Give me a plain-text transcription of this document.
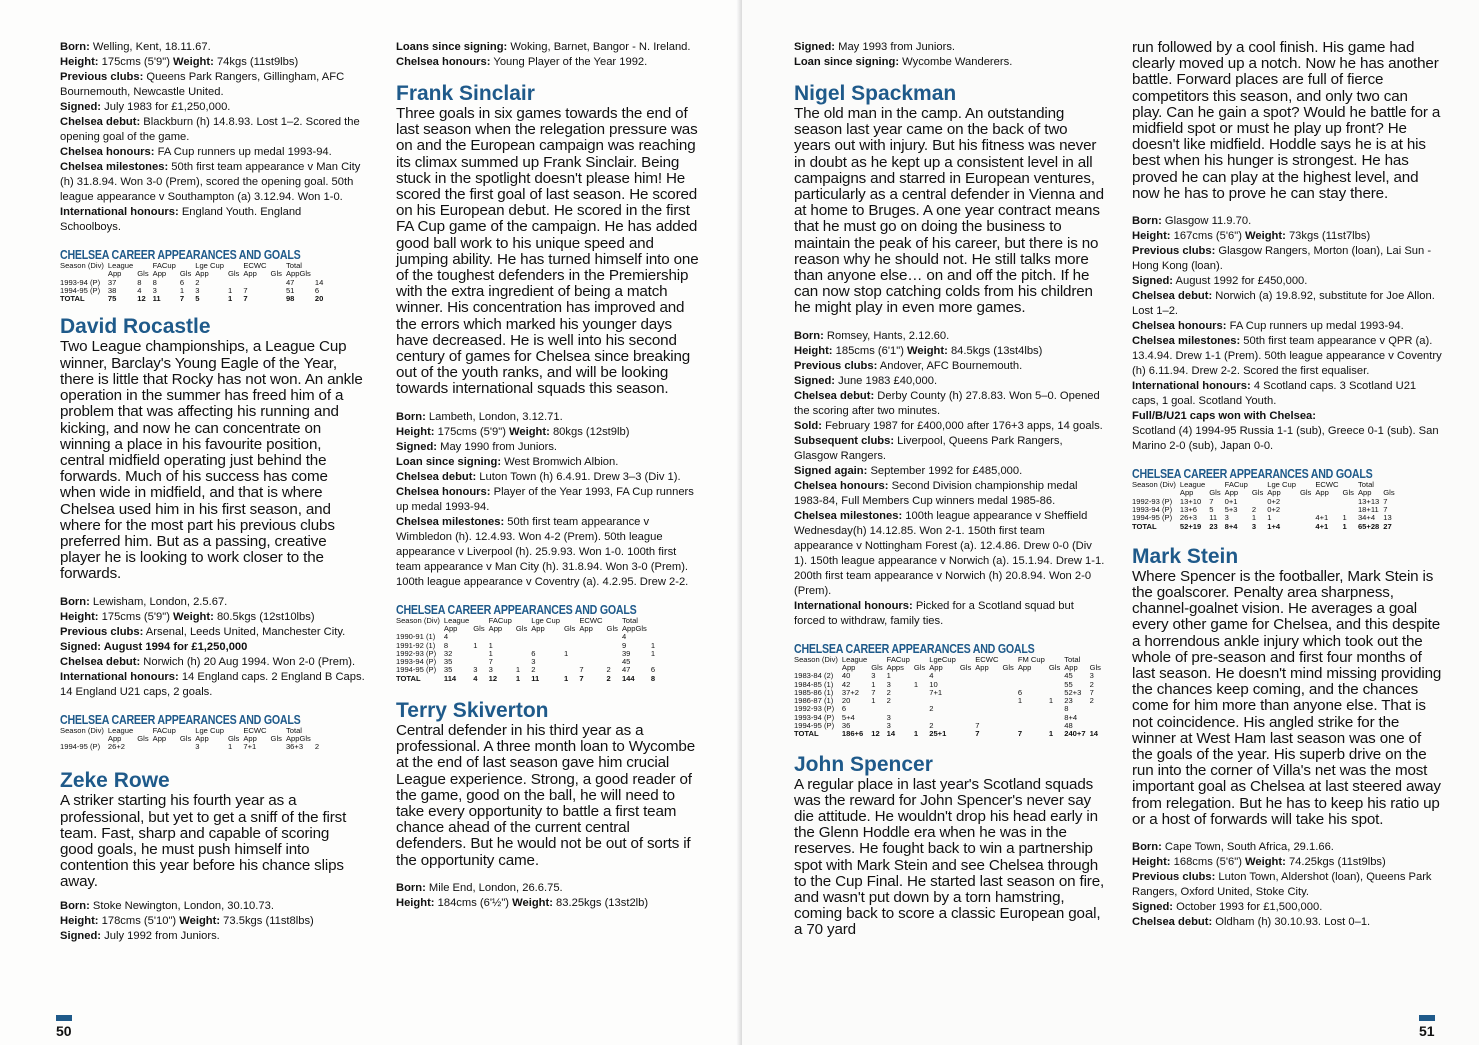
Born: Welling, Kent, 18.11.67.
Height: 175cms (5'9") Weight: 74kgs (11st9lbs)
Previous clubs: Queens Park Rangers, Gillingham, AFC Bournemouth, Newcastle United.
Signed: July 1983 for £1,250,000.
Chelsea debut: Blackburn (h) 14.8.93. Lost 1–2. Scored the opening goal of the game.
Chelsea honours: FA Cup runners up medal 1993-94.
Chelsea milestones: 50th first team appearance v Man City (h) 31.8.94. Won 3-0 (Prem), scored the opening goal. 50th league appearance v Southampton (a) 3.12.94. Won 1-0.
International honours: England Youth. England Schoolboys.

CHELSEA CAREER APPEARANCES AND GOALS

Season (Div)	League		FACup		Lge Cup		ECWC		Total	
	App	Gls	App	Gls	App	Gls	App	Gls	AppGls	
1993-94 (P)	37	8	8	6	2				47	14
1994-95 (P)	38	4	3	1	3	1	7		51	6
TOTAL	75	12	11	7	5	1	7		98	20
David Rocastle

Two League championships, a League Cup winner, Barclay's Young Eagle of the Year, there is little that Rocky has not won. An ankle operation in the summer has freed him of a problem that was affecting his running and kicking, and now he can concentrate on winning a place in his favourite position, central midfield operating just behind the forwards. Much of his success has come when wide in midfield, and that is where Chelsea used him in his first season, and where for the most part his previous clubs preferred him. But as a passing, creative player he is looking to work closer to the forwards.

Born: Lewisham, London, 2.5.67.
Height: 175cms (5'9") Weight: 80.5kgs (12st10lbs)
Previous clubs: Arsenal, Leeds United, Manchester City.
Signed: August 1994 for £1,250,000
Chelsea debut: Norwich (h) 20 Aug 1994. Won 2-0 (Prem).
International honours: 14 England caps. 2 England B Caps. 14 England U21 caps, 2 goals.

CHELSEA CAREER APPEARANCES AND GOALS

Season (Div)	League		FACup		Lge Cup		ECWC		Total	
	App	Gls	App	Gls	App	Gls	App	Gls	AppGls	
1994-95 (P)	26+2				3	1	7+1		36+3	2
Zeke Rowe

A striker starting his fourth year as a professional, but yet to get a sniff of the first team. Fast, sharp and capable of scoring good goals, he must push himself into contention this year before his chance slips away.

Born: Stoke Newington, London, 30.10.73.
Height: 178cms (5'10") Weight: 73.5kgs (11st8lbs)
Signed: July 1992 from Juniors.
Loans since signing: Woking, Barnet, Bangor - N. Ireland.
Chelsea honours: Young Player of the Year 1992.
Frank Sinclair

Three goals in six games towards the end of last season when the relegation pressure was on and the European campaign was reaching its climax summed up Frank Sinclair. Being stuck in the spotlight doesn't please him! He scored the first goal of last season. He scored on his European debut. He scored in the first FA Cup game of the campaign. He has added good ball work to his unique speed and jumping ability. He has turned himself into one of the toughest defenders in the Premiership with the extra ingredient of being a match winner. His concentration has improved and the errors which marked his younger days have decreased. He is well into his second century of games for Chelsea since breaking out of the youth ranks, and will be looking towards international squads this season.

Born: Lambeth, London, 3.12.71.
Height: 175cms (5'9") Weight: 80kgs (12st9lb)
Signed: May 1990 from Juniors.
Loan since signing: West Bromwich Albion.
Chelsea debut: Luton Town (h) 6.4.91. Drew 3–3 (Div 1).
Chelsea honours: Player of the Year 1993, FA Cup runners up medal 1993-94.
Chelsea milestones: 50th first team appearance v Wimbledon (h). 12.4.93. Won 4-2 (Prem). 50th league appearance v Liverpool (h). 25.9.93. Won 1-0. 100th first team appearance v Man City (h). 31.8.94. Won 3-0 (Prem). 100th league appearance v Coventry (a). 4.2.95. Drew 2-2.

CHELSEA CAREER APPEARANCES AND GOALS

Season (Div)	League		FACup		Lge Cup		ECWC		Total	
	App	Gls	App	Gls	App	Gls	App	Gls	AppGls	
1990-91 (1)	4								4	
1991-92 (1)	8	1	1						9	1
1992-93 (P)	32		1		6	1			39	1
1993-94 (P)	35		7		3				45	
1994-95 (P)	35	3	3	1	2		7	2	47	6
TOTAL	114	4	12	1	11	1	7	2	144	8
Terry Skiverton

Central defender in his third year as a professional. A three month loan to Wycombe at the end of last season gave him crucial League experience. Strong, a good reader of the game, good on the ball, he will need to take every opportunity to battle a first team chance ahead of the current central defenders. But he would not be out of sorts if the opportunity came.

Born: Mile End, London, 26.6.75.
Height: 184cms (6'½") Weight: 83.25kgs (13st2lb)
50
Signed: May 1993 from Juniors.
Loan since signing: Wycombe Wanderers.
Nigel Spackman

The old man in the camp. An outstanding season last year came on the back of two years out with injury. But his fitness was never in doubt as he kept up a consistent level in all campaigns and starred in European ventures, particularly as a central defender in Vienna and at home to Bruges. A one year contract means that he must go on doing the business to maintain the peak of his career, but there is no reason why he should not. He still talks more than anyone else… on and off the pitch. If he can now stop catching colds from his children he might play in even more games.

Born: Romsey, Hants, 2.12.60.
Height: 185cms (6'1") Weight: 84.5kgs (13st4lbs)
Previous clubs: Andover, AFC Bournemouth.
Signed: June 1983 £40,000.
Chelsea debut: Derby County (h) 27.8.83. Won 5–0. Opened the scoring after two minutes.
Sold: February 1987 for £400,000 after 176+3 apps, 14 goals.
Subsequent clubs: Liverpool, Queens Park Rangers, Glasgow Rangers.
Signed again: September 1992 for £485,000.
Chelsea honours: Second Division championship medal 1983-84, Full Members Cup winners medal 1985-86.
Chelsea milestones: 100th league appearance v Sheffield Wednesday(h) 14.12.85. Won 2-1. 150th first team appearance v Nottingham Forest (a). 12.4.86. Drew 0-0 (Div 1). 150th league appearance v Norwich (a). 15.1.94. Drew 1-1. 200th first team appearance v Norwich (h) 20.8.94. Won 2-0 (Prem).
International honours: Picked for a Scotland squad but forced to withdraw, family ties.

CHELSEA CAREER APPEARANCES AND GOALS

Season (Div)	League		FACup		LgeCup		ECWC		FM Cup		Total	
	App	Gls	Apps	Gls	App	Gls	App	Gls	App	Gls	App	Gls
1983-84 (2)	40	3	1		4						45	3
1984-85 (1)	42	1	3	1	10						55	2
1985-86 (1)	37+2	7	2		7+1				6		52+3	7
1986-87 (1)	20	1	2						1	1	23	2
1992-93 (P)	6				2						8	
1993-94 (P)	5+4		3								8+4	
1994-95 (P)	36		3		2		7				48	
TOTAL	186+6	12	14	1	25+1		7		7	1	240+7	14
John Spencer

A regular place in last year's Scotland squads was the reward for John Spencer's never say die attitude. He wouldn't drop his head early in the Glenn Hoddle era when he was in the reserves. He fought back to win a partnership spot with Mark Stein and see Chelsea through to the Cup Final. He started last season on fire, and wasn't put down by a torn hamstring, coming back to score a classic European goal, a 70 yard

run followed by a cool finish. His game had clearly moved up a notch. Now he has another battle. Forward places are full of fierce competitors this season, and only two can play. Can he gain a spot? Would he battle for a midfield spot or must he play up front? He doesn't like midfield. Hoddle says he is at his best when his hunger is strongest. He has proved he can play at the highest level, and now he has to prove he can stay there.

Born: Glasgow 11.9.70.
Height: 167cms (5'6") Weight: 73kgs (11st7lbs)
Previous clubs: Glasgow Rangers, Morton (loan), Lai Sun - Hong Kong (loan).
Signed: August 1992 for £450,000.
Chelsea debut: Norwich (a) 19.8.92, substitute for Joe Allon. Lost 1–2.
Chelsea honours: FA Cup runners up medal 1993-94.
Chelsea milestones: 50th first team appearance v QPR (a). 13.4.94. Drew 1-1 (Prem). 50th league appearance v Coventry (h) 6.11.94. Drew 2-2. Scored the first equaliser.
International honours: 4 Scotland caps. 3 Scotland U21 caps, 1 goal. Scotland Youth.
Full/B/U21 caps won with Chelsea:
Scotland (4) 1994-95 Russia 1-1 (sub), Greece 0-1 (sub). San Marino 2-0 (sub), Japan 0-0.

CHELSEA CAREER APPEARANCES AND GOALS

Season (Div)	League		FACup		Lge Cup		ECWC		Total	
	App	Gls	App	Gls	App	Gls	App	Gls	App	Gls
1992-93 (P)	13+10	7	0+1		0+2				13+13	7
1993-94 (P)	13+6	5	5+3	2	0+2				18+11	7
1994-95 (P)	26+3	11	3	1	1		4+1	1	34+4	13
TOTAL	52+19	23	8+4	3	1+4		4+1	1	65+28	27
Mark Stein

Where Spencer is the footballer, Mark Stein is the goalscorer. Penalty area sharpness, channel-goalnet vision. He averages a goal every other game for Chelsea, and this despite a horrendous ankle injury which took out the whole of pre-season and first four months of last season. He doesn't mind missing providing the chances keep coming, and the chances come for him more than anyone else. That is not coincidence. His angled strike for the winner at West Ham last season was one of the goals of the year. His superb drive on the run into the corner of Villa's net was the most important goal as Chelsea at last steered away from relegation. But he has to keep his ratio up or a host of forwards will take his spot.

Born: Cape Town, South Africa, 29.1.66.
Height: 168cms (5'6") Weight: 74.25kgs (11st9lbs)
Previous clubs: Luton Town, Aldershot (loan), Queens Park Rangers, Oxford United, Stoke City.
Signed: October 1993 for £1,500,000.
Chelsea debut: Oldham (h) 30.10.93. Lost 0–1.
51
